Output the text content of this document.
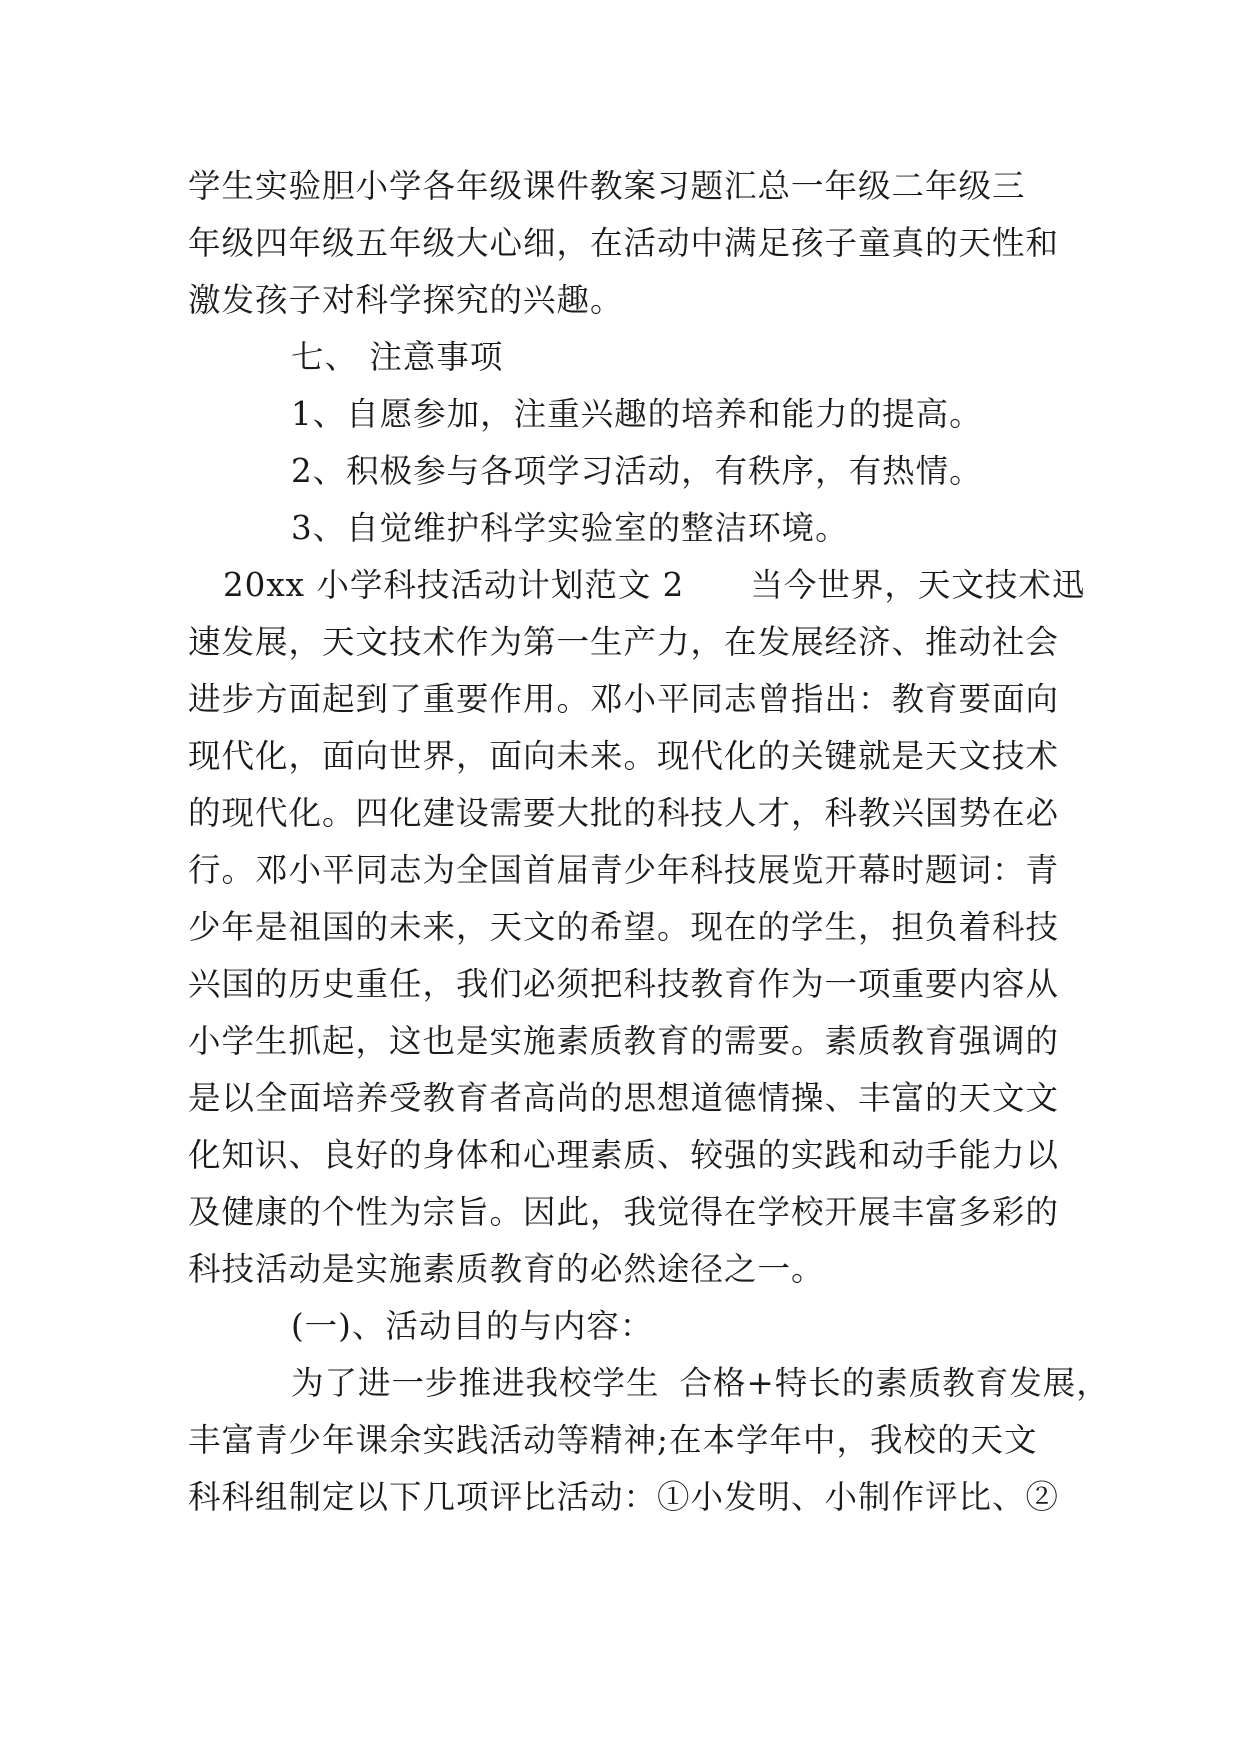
学生实验胆小学各年级课件教案习题汇总一年级二年级三
年级四年级五年级大心细，在活动中满足孩子童真的天性和
激发孩子对科学探究的兴趣。
七、 注意事项
1、自愿参加，注重兴趣的培养和能力的提高。
2、积极参与各项学习活动，有秩序，有热情。
3、自觉维护科学实验室的整洁环境。
20xx 小学科技活动计划范文 2 当今世界，天文技术迅
速发展，天文技术作为第一生产力，在发展经济、推动社会
进步方面起到了重要作用。邓小平同志曾指出：教育要面向
现代化，面向世界，面向未来。现代化的关键就是天文技术
的现代化。四化建设需要大批的科技人才，科教兴国势在必
行。邓小平同志为全国首届青少年科技展览开幕时题词：青
少年是祖国的未来，天文的希望。现在的学生，担负着科技
兴国的历史重任，我们必须把科技教育作为一项重要内容从
小学生抓起，这也是实施素质教育的需要。素质教育强调的
是以全面培养受教育者高尚的思想道德情操、丰富的天文文
化知识、良好的身体和心理素质、较强的实践和动手能力以
及健康的个性为宗旨。因此，我觉得在学校开展丰富多彩的
科技活动是实施素质教育的必然途径之一。
(一)、活动目的与内容：
为了进一步推进我校学生 合格+特长的素质教育发展，
丰富青少年课余实践活动等精神;在本学年中，我校的天文
科科组制定以下几项评比活动：①小发明、小制作评比、②
